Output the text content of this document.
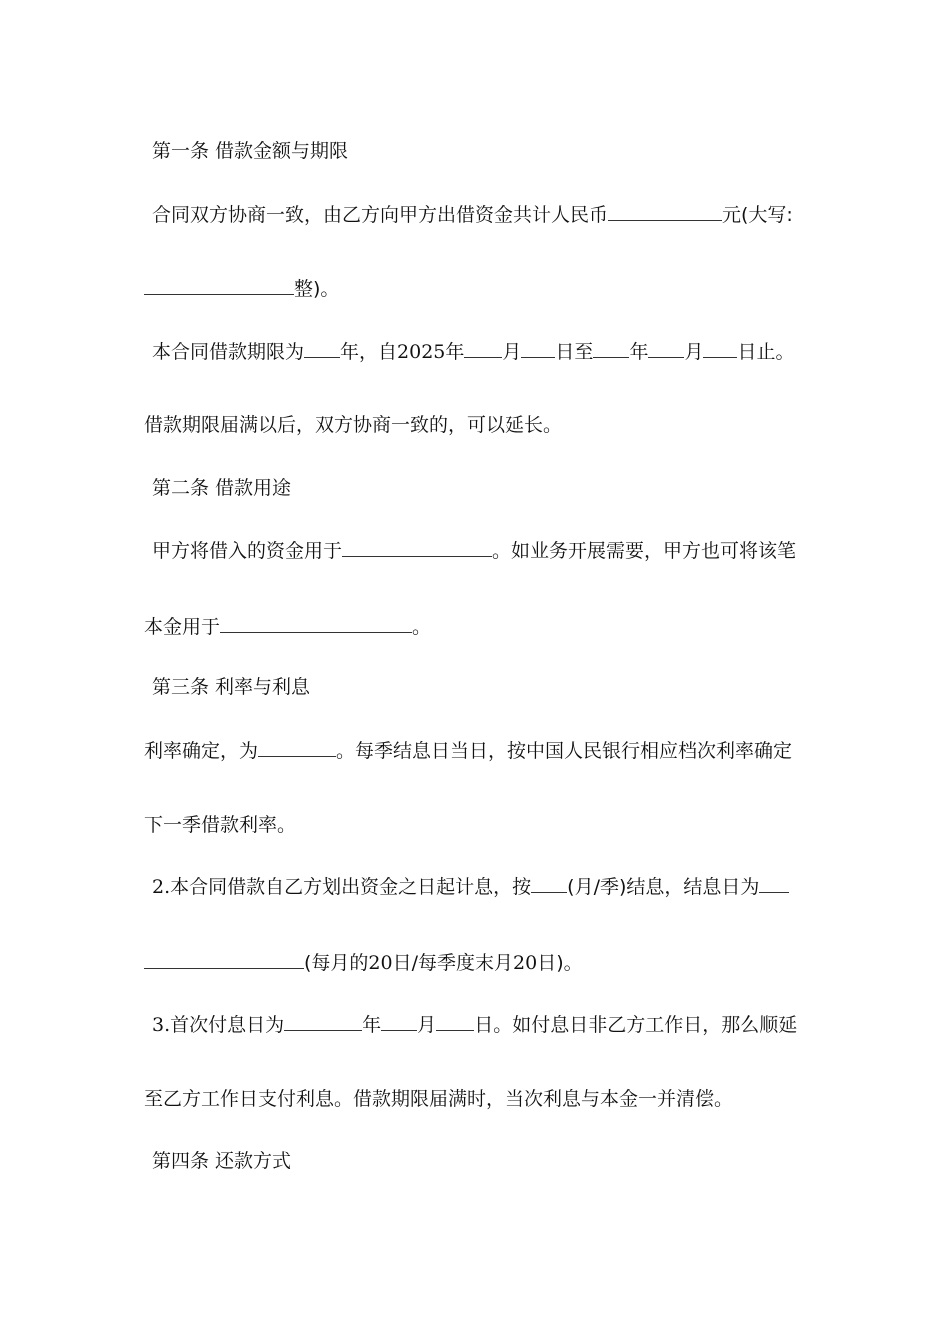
第一条 借款金额与期限
合同双方协商一致，由乙方向甲方出借资金共计人民币	元(大写:
整)。
本合同借款期限为 年，自2025年 月 日至 年 月 日止。
借款期限届满以后，双方协商一致的，可以延长。
第二条 借款用途
甲方将借入的资金用于	。如业务开展需要，甲方也可将该笔
本金用于	。
第三条 利率与利息
利率确定，为	。每季结息日当日，按中国人民银行相应档次利率确定
下一季借款利率。
2.本合同借款自乙方划出资金之日起计息，按 (月/季)结息，结息日为
(每月的20日/每季度末月20日)。
3.首次付息日为	年 月 日。如付息日非乙方工作日，那么顺延
至乙方工作日支付利息。借款期限届满时，当次利息与本金一并清偿。
第四条 还款方式
